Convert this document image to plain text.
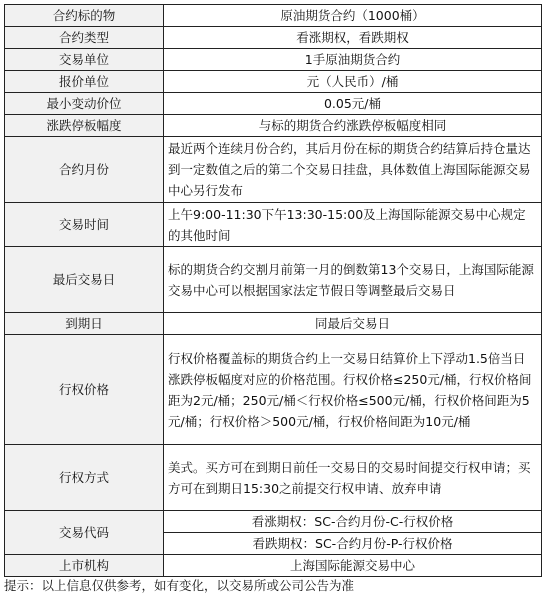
合约标的物	原油期货合约（1000桶）
合约类型	看涨期权，看跌期权
交易单位	1手原油期货合约
报价单位	元（人民币）/桶
最小变动价位	0.05元/桶
涨跌停板幅度	与标的期货合约涨跌停板幅度相同
合约月份	最近两个连续月份合约，其后月份在标的期货合约结算后持仓量达到一定数值之后的第二个交易日挂盘，具体数值上海国际能源交易中心另行发布
交易时间	上午9:00-11:30下午13:30-15:00及上海国际能源交易中心规定的其他时间
最后交易日	标的期货合约交割月前第一月的倒数第13个交易日，上海国际能源交易中心可以根据国家法定节假日等调整最后交易日
到期日	同最后交易日
行权价格	行权价格覆盖标的期货合约上一交易日结算价上下浮动1.5倍当日涨跌停板幅度对应的价格范围。行权价格≤250元/桶，行权价格间距为2元/桶；250元/桶＜行权价格≤500元/桶，行权价格间距为5元/桶；行权价格＞500元/桶，行权价格间距为10元/桶
行权方式	美式。买方可在到期日前任一交易日的交易时间提交行权申请；买方可在到期日15:30之前提交行权申请、放弃申请
交易代码	看涨期权：SC-合约月份-C-行权价格
	看跌期权：SC-合约月份-P-行权价格
上市机构	上海国际能源交易中心
提示：以上信息仅供参考，如有变化，以交易所或公司公告为准
